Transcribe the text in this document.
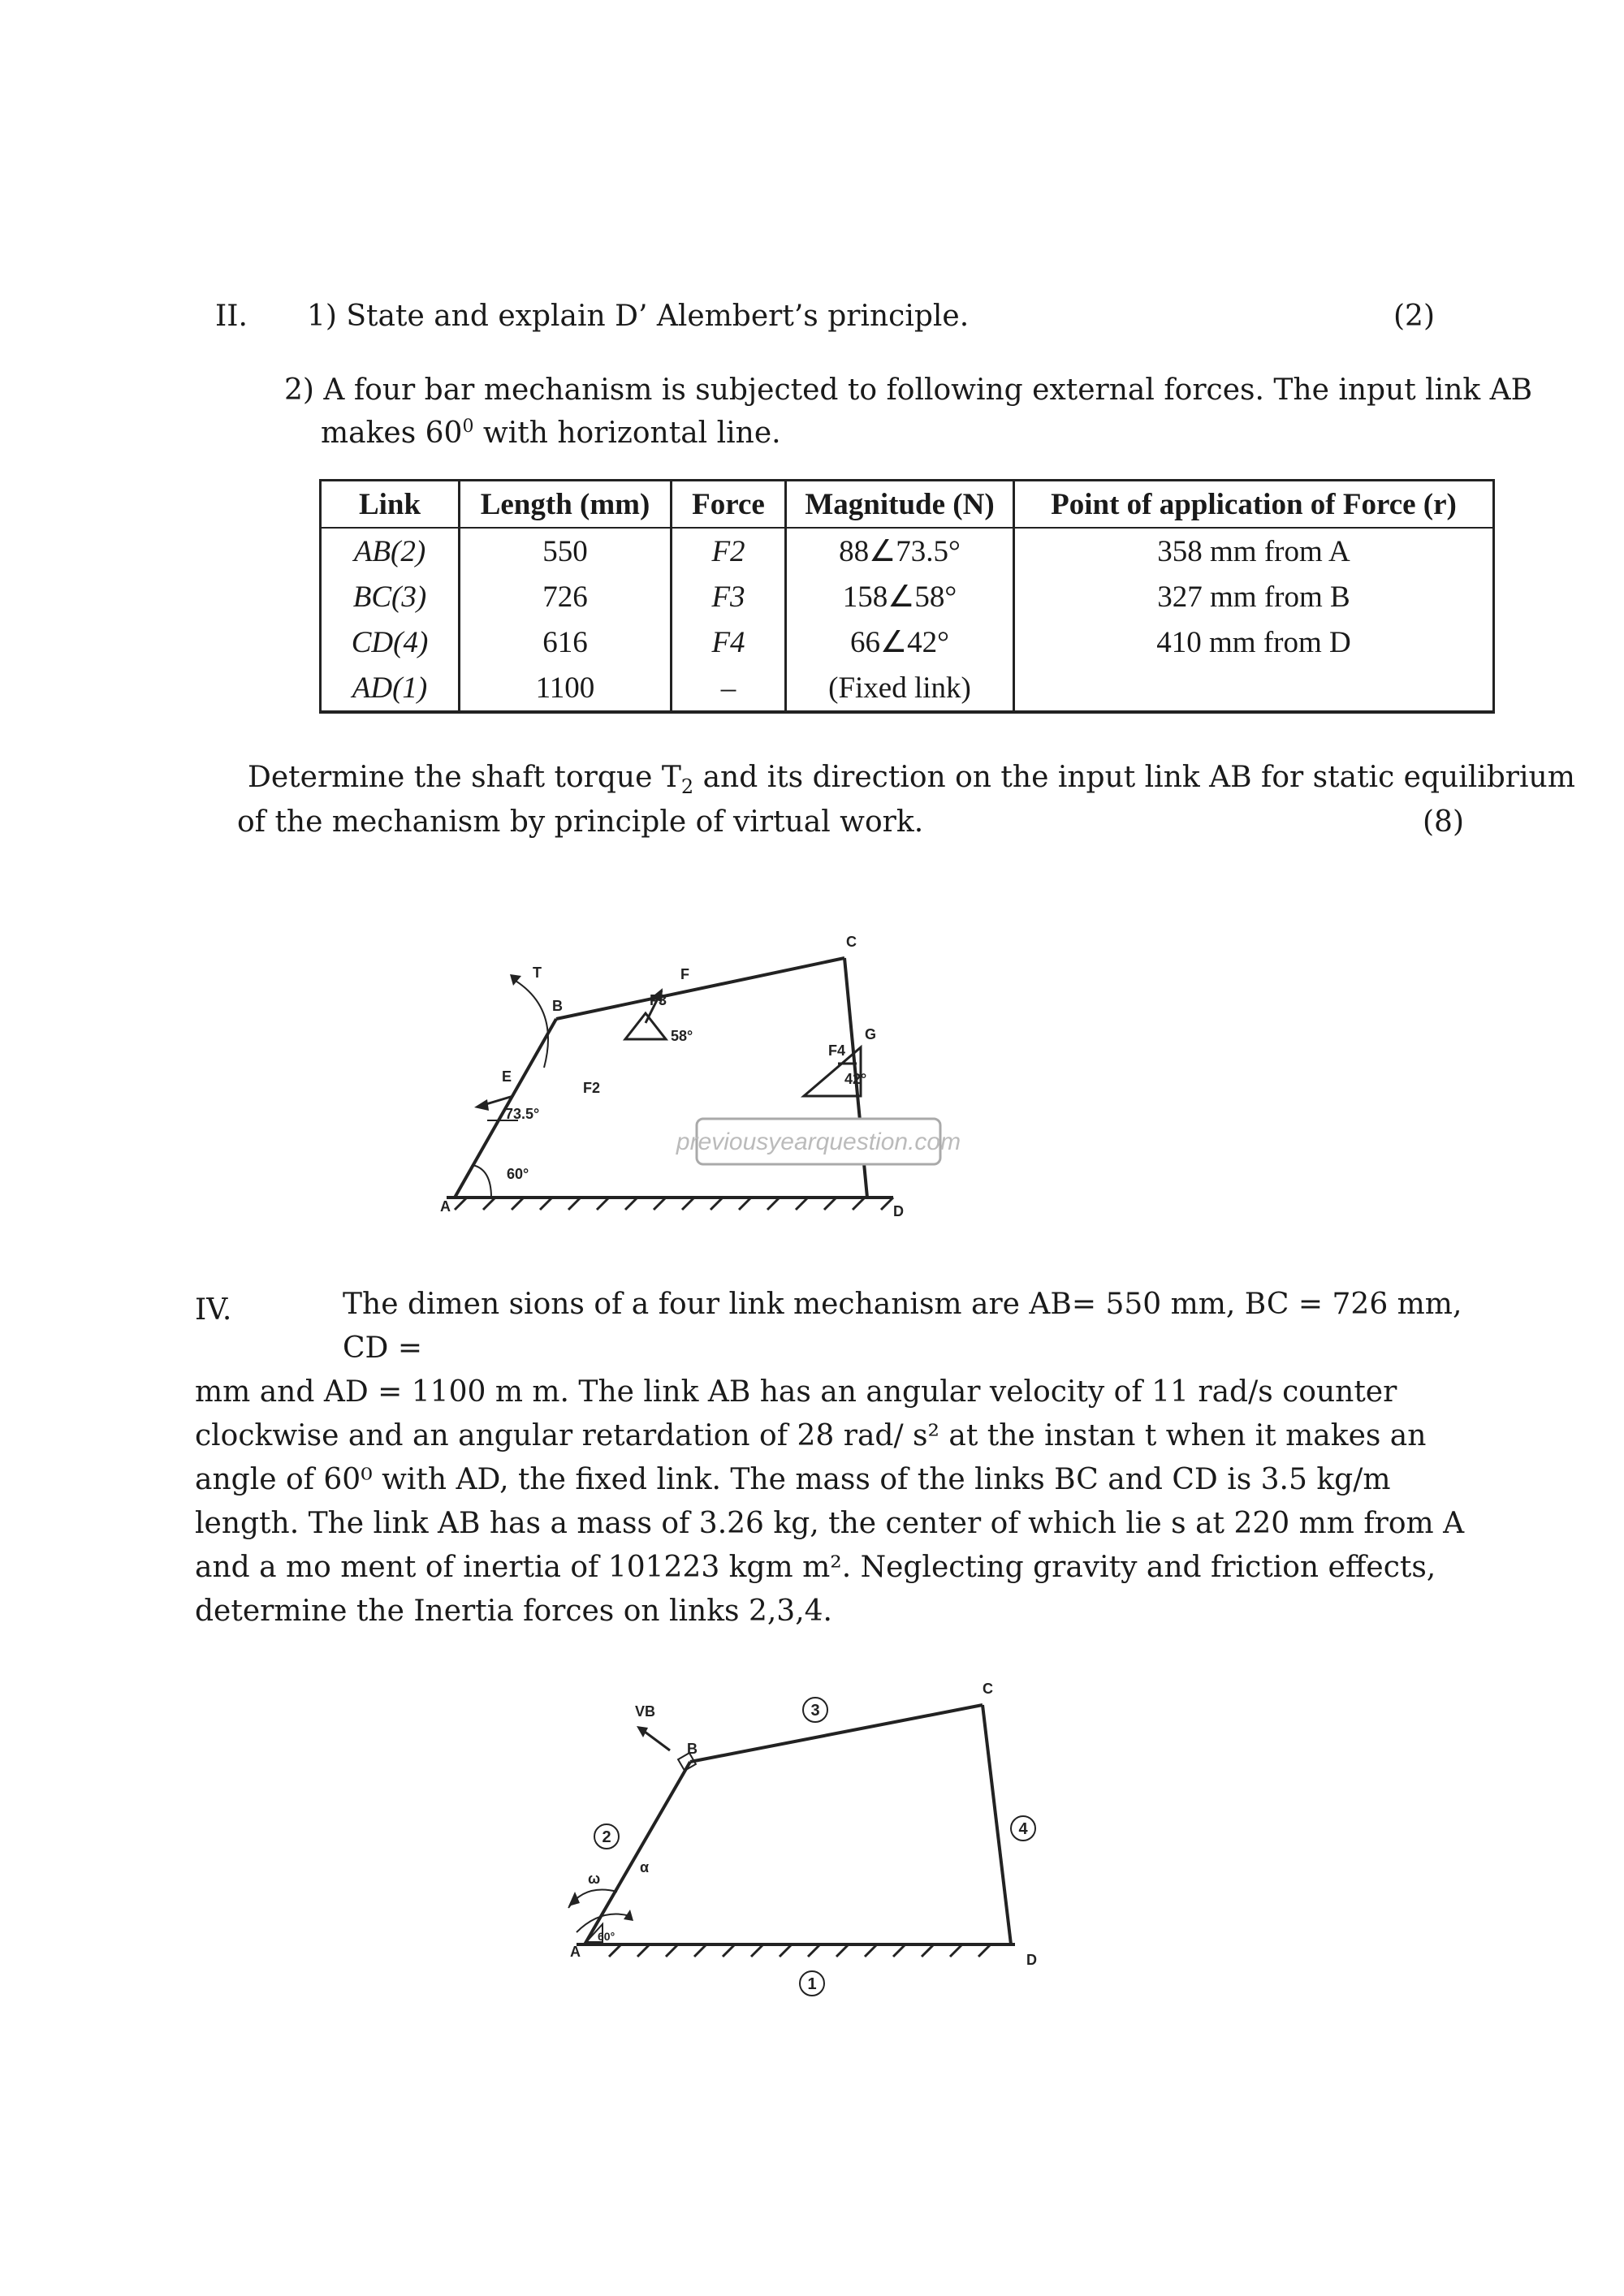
II. 1) State and explain D’ Alembert’s principle.	(2)
2) A four bar mechanism is subjected to following external forces. The input link AB
makes $60^0$ with horizontal line.
Link	Length (mm)	Force	Magnitude (N)	Point of application of Force (r)
AB(2)	550	F2	88∠73.5°	358 mm from A
BC(3)	726	F3	158∠58°	327 mm from B
CD(4)	616	F4	66∠42°	410 mm from D
AD(1)	1100	–	(Fixed link)	
Determine the shaft torque $T_2$ and its direction on the input link AB for static equilibrium
of the mechanism by principle of virtual work.	(8)
previousyearquestion.com
A
B
C
D
E
F
G
T
F2
F3
F4
73.5°
58°
42°
60°
IV.	The dimen sions of a four link mechanism are AB= 550 mm, BC = 726 mm, CD =
mm and AD = 1100 m m. The link AB has an angular velocity of 11 rad/s counter
clockwise and an angular retardation of 28 rad/ s² at the instan t when it makes an
angle of 60⁰ with AD, the fixed link. The mass of the links BC and CD is 3.5 kg/m
length. The link AB has a mass of 3.26 kg, the center of which lie s at 220 mm from A
and a mo ment of inertia of 101223 kgm m². Neglecting gravity and friction effects,
determine the Inertia forces on links 2,3,4.
A
B
C
D
VB
ω
α
60°
1
2
3
4
